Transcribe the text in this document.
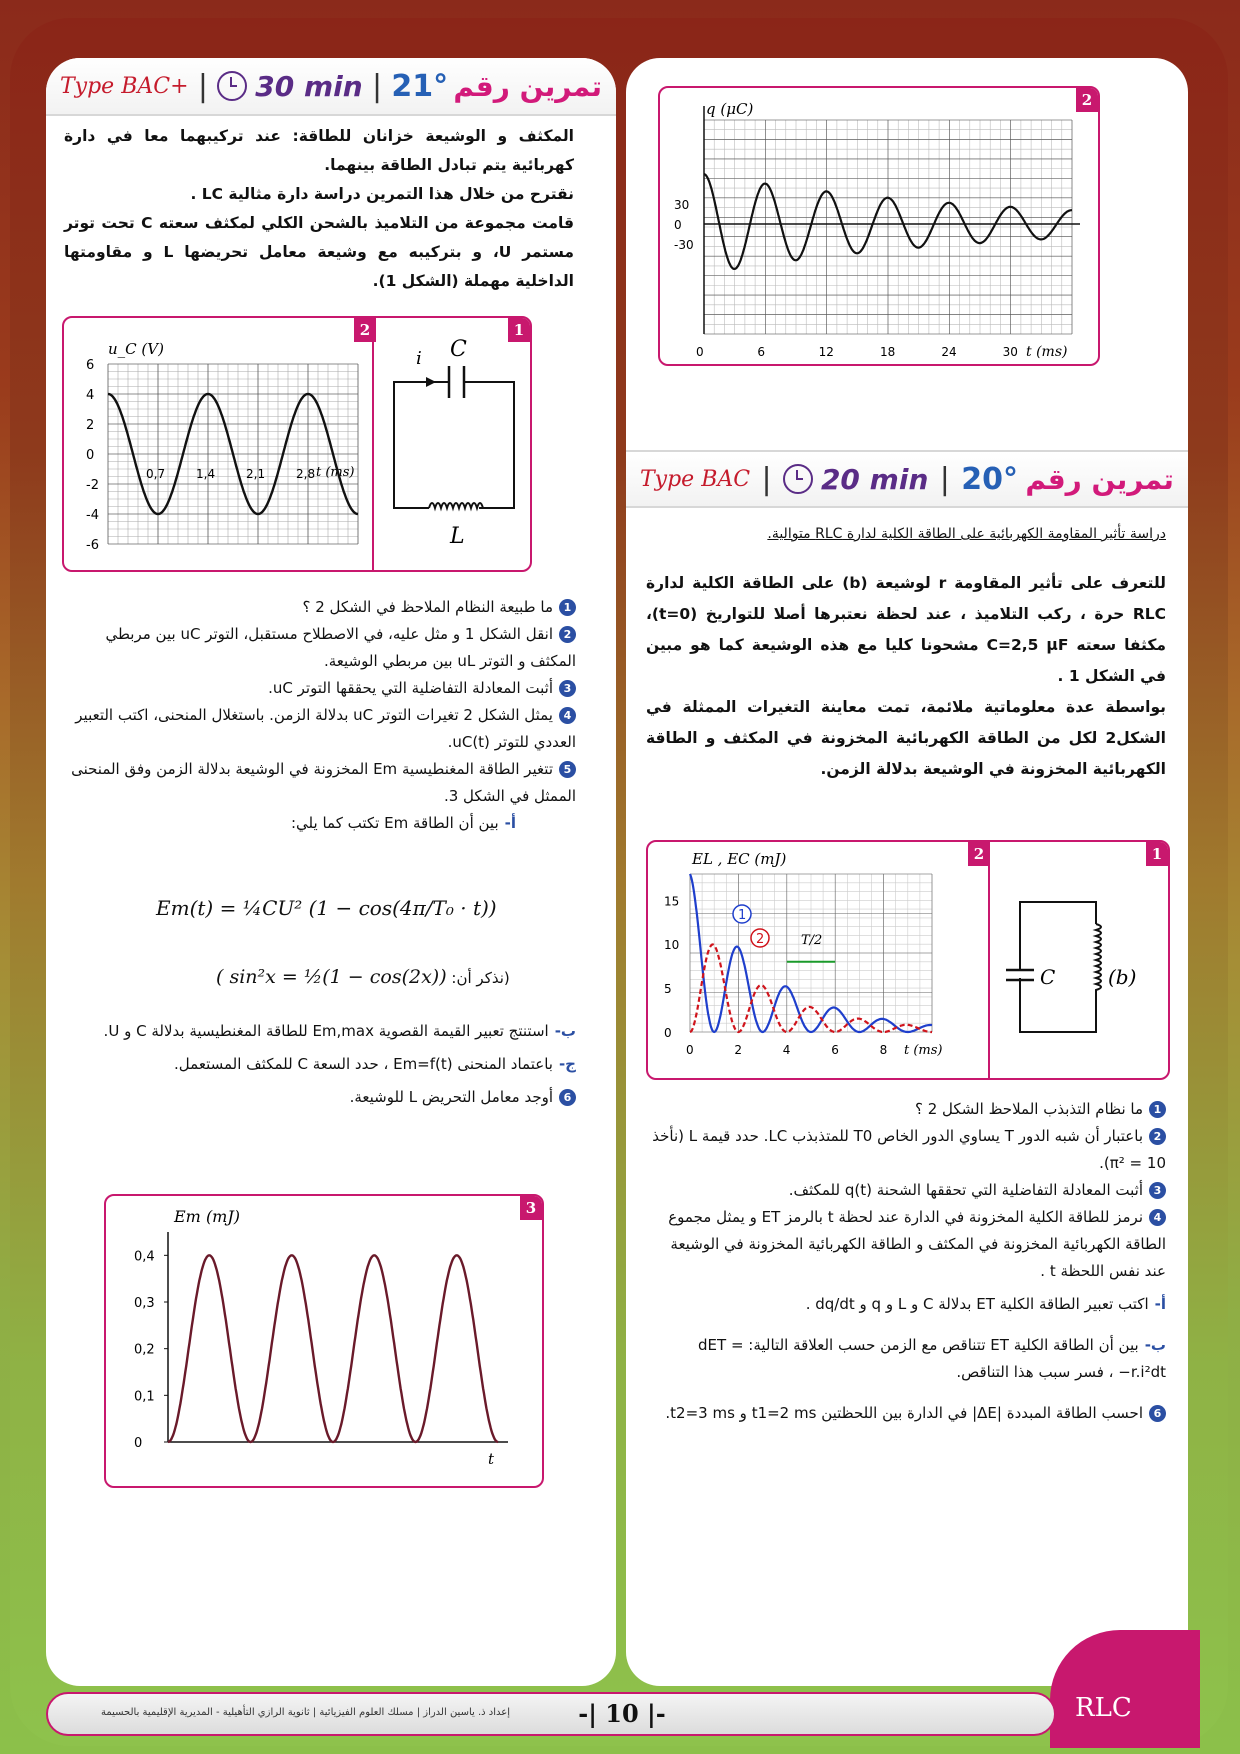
Type BAC+ | 30 min | 21° تمرين رقم
المكثف و الوشيعة خزانان للطاقة: عند تركيبهما معا في دارة كهربائية يتم تبادل الطاقة بينهما.
نقترح من خلال هذا التمرين دراسة دارة مثالية LC .
قامت مجموعة من التلاميذ بالشحن الكلي لمكثف سعته C تحت توتر مستمر U، و بتركيبه مع وشيعة معامل تحريضها L و مقاومتها الداخلية مهملة (الشكل 1).
1
2
C
i
L
6
4
2
0
-2
-4
-6
0,7	1,4	2,1	2,8
u_C (V)
t (ms)
1ما طبيعة النظام الملاحظ في الشكل 2 ؟
2انقل الشكل 1 و مثل عليه، في الاصطلاح مستقبل، التوتر uC بين مربطي المكثف و التوتر uL بين مربطي الوشيعة.
3أثبت المعادلة التفاضلية التي يحققها التوتر uC.
4يمثل الشكل 2 تغيرات التوتر uC بدلالة الزمن. باستغلال المنحنى، اكتب التعبير العددي للتوتر uC(t).
5تتغير الطاقة المغنطيسية Em المخزونة في الوشيعة بدلالة الزمن وفق المنحنى الممثل في الشكل 3.
أ-بين أن الطاقة Em تكتب كما يلي:
Em(t) = ¼CU² (1 − cos(4π/T₀ · t))
(نذكر أن: sin²x = ½(1 − cos(2x)) )
ب-استنتج تعبير القيمة القصوية Em,max للطاقة المغنطيسية بدلالة C و U.
ج-باعتماد المنحنى Em=f(t) ، حدد السعة C للمكثف المستعمل.
6أوجد معامل التحريض L للوشيعة.
3
0,4
0,3
0,2
0,1
0
Em (mJ)
t
2
30
0
-30
0	6	12	18	24	30
q (μC)
t (ms)
Type BAC | 20 min | 20° تمرين رقم
دراسة تأثير المقاومة الكهربائية على الطاقة الكلية لدارة RLC متوالية.
للتعرف على تأثير المقاومة r لوشيعة (b) على الطاقة الكلية لدارة RLC حرة ، ركب التلاميذ ، عند لحظة نعتبرها أصلا للتواريخ (t=0)، مكثفا سعته C=2,5 μF مشحونا كليا مع هذه الوشيعة كما هو مبين في الشكل 1 .
بواسطة عدة معلوماتية ملائمة، تمت معاينة التغيرات الممثلة في الشكل2 لكل من الطاقة الكهربائية المخزونة في المكثف و الطاقة الكهربائية المخزونة في الوشيعة بدلالة الزمن.
1
2
C	(b)
15
10
5
0
0	2	4	6	8
EL , EC (mJ)
t (ms)
1
2	T/2
1ما نظام التذبذب الملاحظ الشكل 2 ؟
2باعتبار أن شبه الدور T يساوي الدور الخاص T0 للمتذبذب LC. حدد قيمة L (نأخذ π² = 10).
3أثبت المعادلة التفاضلية التي تحققها الشحنة q(t) للمكثف.
4نرمز للطاقة الكلية المخزونة في الدارة عند لحظة t بالرمز ET و يمثل مجموع الطاقة الكهربائية المخزونة في المكثف و الطاقة الكهربائية المخزونة في الوشيعة عند نفس اللحظة t .
أ-اكتب تعبير الطاقة الكلية ET بدلالة C و L و q و dq/dt .
ب-بين أن الطاقة الكلية ET تتناقص مع الزمن حسب العلاقة التالية: dET = −r.i²dt ، فسر سبب هذا التناقص.
6احسب الطاقة المبددة |ΔE| في الدارة بين اللحظتين t1=2 ms و t2=3 ms.
إعداد ذ. ياسين الدراز | مسلك العلوم الفيزيائية | ثانوية الرازي التأهيلية - المديرية الإقليمية بالحسيمة	-| 10 |-	RLC
